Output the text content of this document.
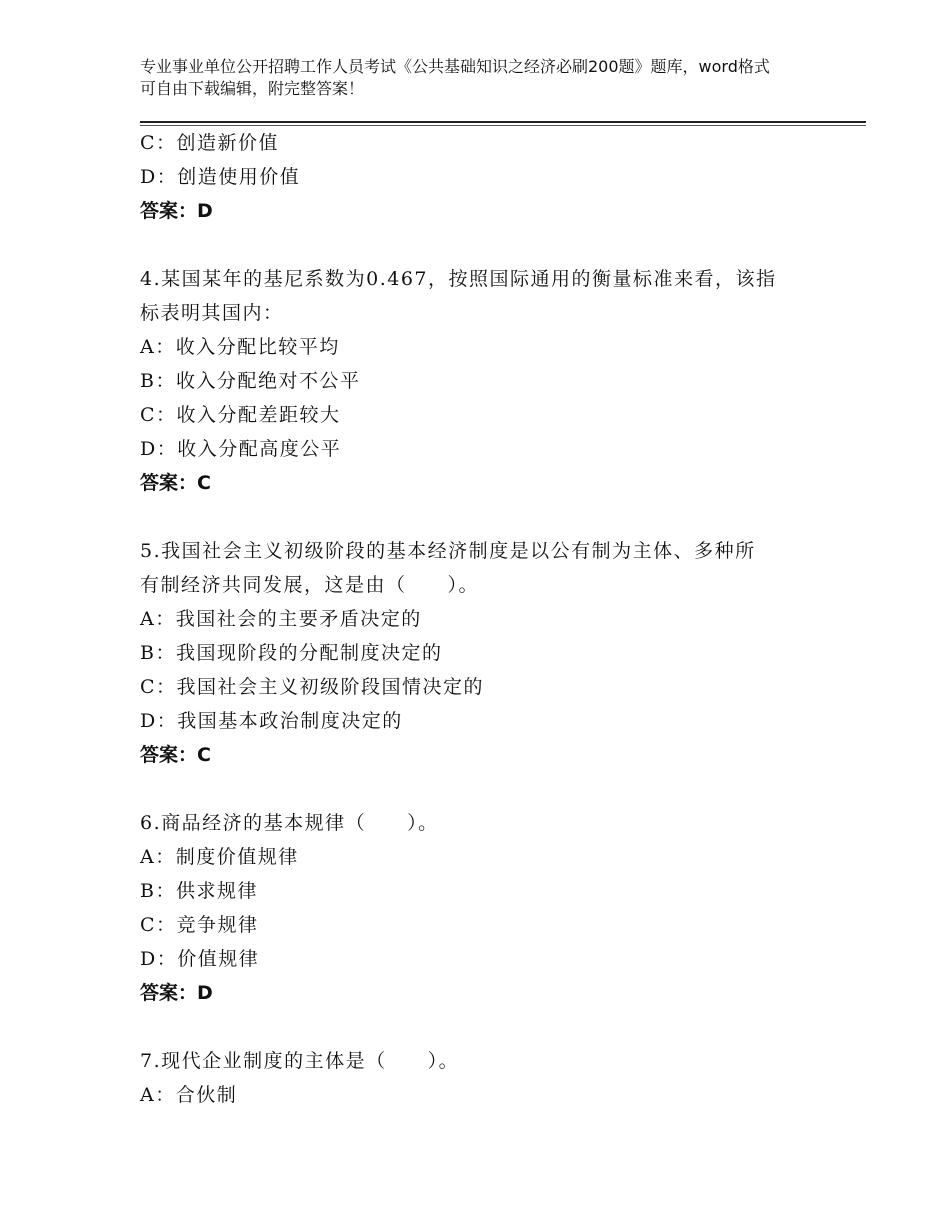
专业事业单位公开招聘工作人员考试《公共基础知识之经济必刷200题》题库，word格式可自由下载编辑，附完整答案！
C：创造新价值
D：创造使用价值
答案：D
4.某国某年的基尼系数为0.467，按照国际通用的衡量标准来看，该指
标表明其国内：
A：收入分配比较平均
B：收入分配绝对不公平
C：收入分配差距较大
D：收入分配高度公平
答案：C
5.我国社会主义初级阶段的基本经济制度是以公有制为主体、多种所
有制经济共同发展，这是由（　　）。
A：我国社会的主要矛盾决定的
B：我国现阶段的分配制度决定的
C：我国社会主义初级阶段国情决定的
D：我国基本政治制度决定的
答案：C
6.商品经济的基本规律（　　）。
A：制度价值规律
B：供求规律
C：竞争规律
D：价值规律
答案：D
7.现代企业制度的主体是（　　）。
A：合伙制
